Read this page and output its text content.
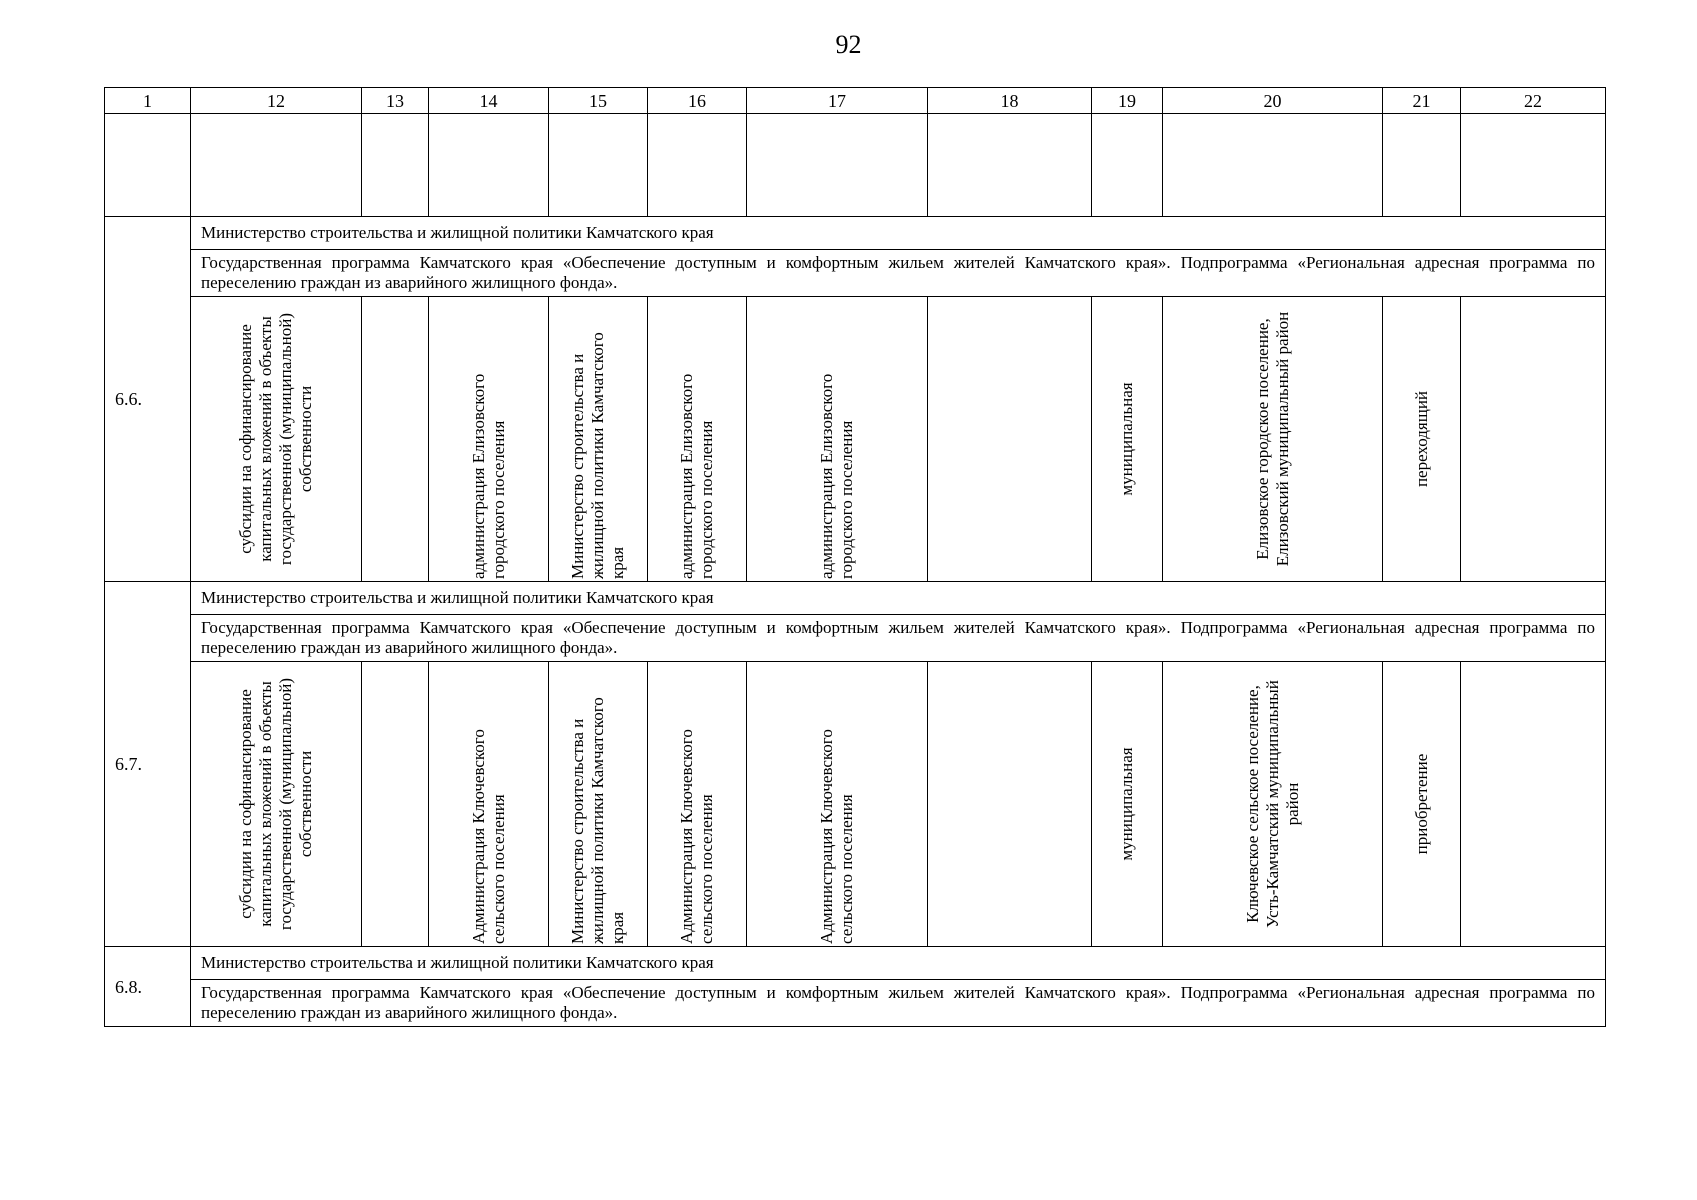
92
1	12	13	14	15	16	17	18	19	20	21	22

6.6.	Министерство строительства и жилищной политики Камчатского края										
	Государственная программа Камчатского края «Обеспечение доступным и комфортным жильем жителей Камчатского края». Подпрограмма «Региональная адресная программа по переселению граждан из аварийного жилищного фонда».										

	субсидии на софинансирование капитальных вложений в объекты государственной (муниципальной) собственности		администрация Елизовского городского поселения	Министерство строительства и жилищной политики Камчатского края	администрация Елизовского городского поселения	администрация Елизовского городского поселения		муниципальная	Елизовское городское поселение, Елизовский муниципальный район	переходящий	

6.7.	Министерство строительства и жилищной политики Камчатского края										
	Государственная программа Камчатского края «Обеспечение доступным и комфортным жильем жителей Камчатского края». Подпрограмма «Региональная адресная программа по переселению граждан из аварийного жилищного фонда».										

	субсидии на софинансирование капитальных вложений в объекты государственной (муниципальной) собственности		Администрация Ключевского сельского поселения	Министерство строительства и жилищной политики Камчатского края	Администрация Ключевского сельского поселения	Администрация Ключевского сельского поселения		муниципальная	Ключевское сельское поселение, Усть-Камчатский муниципальный район	приобретение	

6.8.	Министерство строительства и жилищной политики Камчатского края										
	Государственная программа Камчатского края «Обеспечение доступным и комфортным жильем жителей Камчатского края». Подпрограмма «Региональная адресная программа по переселению граждан из аварийного жилищного фонда».										
